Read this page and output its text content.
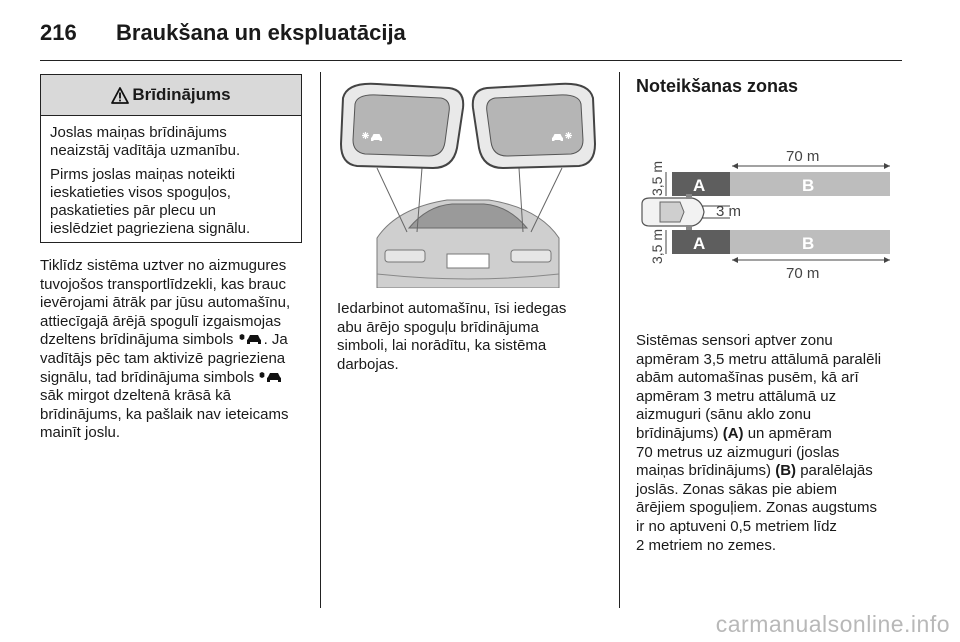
216 Braukšana un ekspluatācija
Brīdinājums

Joslas maiņas brīdinājums
neaizstāj vadītāja uzmanību.

Pirms joslas maiņas noteikti
ieskatieties visos spoguļos,
paskatieties pār plecu un
ieslēdziet pagrieziena signālu.

Tiklīdz sistēma uztver no aizmugures
tuvojošos transportlīdzekli, kas brauc
ievērojami ātrāk par jūsu automašīnu,
attiecīgajā ārējā spogulī izgaismojas
dzeltens brīdinājuma simbols . Ja
vadītājs pēc tam aktivizē pagrieziena
signālu, tad brīdinājuma simbols
sāk mirgot dzeltenā krāsā kā
brīdinājums, ka pašlaik nav ieteicams
mainīt joslu.
Iedarbinot automašīnu, īsi iedegas
abu ārējo spoguļu brīdinājuma
simboli, lai norādītu, ka sistēma
darbojas.
Noteikšanas zonas
70 m
A	B
3,5 m
3 m
A	B
3,5 m
70 m
Sistēmas sensori aptver zonu
apmēram 3,5 metru attālumā paralēli
abām automašīnas pusēm, kā arī
apmēram 3 metru attālumā uz
aizmuguri (sānu aklo zonu
brīdinājums) (A) un apmēram
70 metrus uz aizmuguri (joslas
maiņas brīdinājums) (B) paralēlajās
joslās. Zonas sākas pie abiem
ārējiem spoguļiem. Zonas augstums
ir no aptuveni 0,5 metriem līdz
2 metriem no zemes.
carmanualsonline.info
